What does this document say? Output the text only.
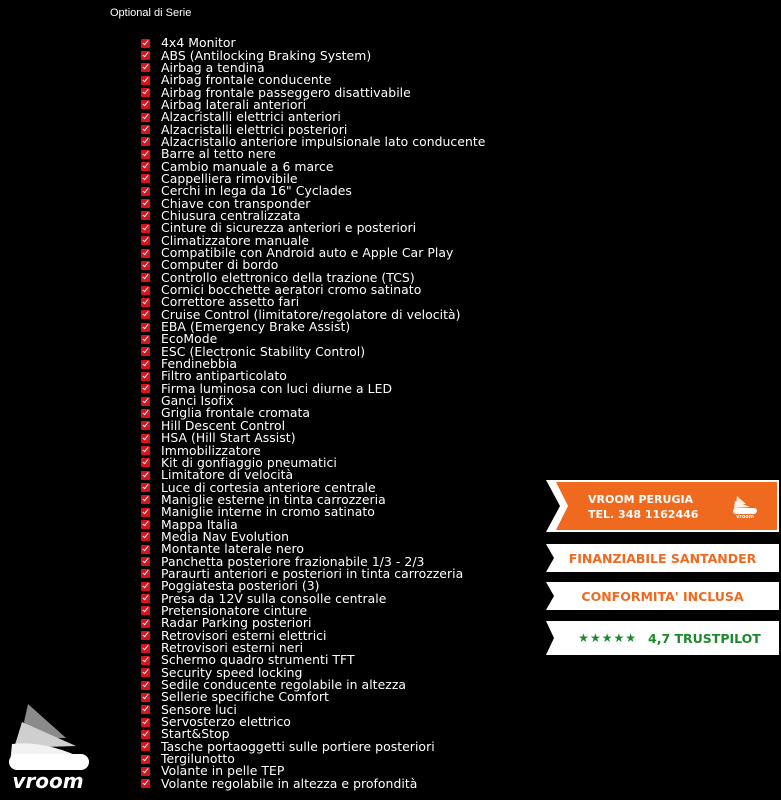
Optional di Serie
4x4 Monitor
ABS (Antilocking Braking System)
Airbag a tendina
Airbag frontale conducente
Airbag frontale passeggero disattivabile
Airbag laterali anteriori
Alzacristalli elettrici anteriori
Alzacristalli elettrici posteriori
Alzacristallo anteriore impulsionale lato conducente
Barre al tetto nere
Cambio manuale a 6 marce
Cappelliera rimovibile
Cerchi in lega da 16" Cyclades
Chiave con transponder
Chiusura centralizzata
Cinture di sicurezza anteriori e posteriori
Climatizzatore manuale
Compatibile con Android auto e Apple Car Play
Computer di bordo
Controllo elettronico della trazione (TCS)
Cornici bocchette aeratori cromo satinato
Correttore assetto fari
Cruise Control (limitatore/regolatore di velocità)
EBA (Emergency Brake Assist)
EcoMode
ESC (Electronic Stability Control)
Fendinebbia
Filtro antiparticolato
Firma luminosa con luci diurne a LED
Ganci Isofix
Griglia frontale cromata
Hill Descent Control
HSA (Hill Start Assist)
Immobilizzatore
Kit di gonfiaggio pneumatici
Limitatore di velocità
Luce di cortesia anteriore centrale
Maniglie esterne in tinta carrozzeria
Maniglie interne in cromo satinato
Mappa Italia
Media Nav Evolution
Montante laterale nero
Panchetta posteriore frazionabile 1/3 - 2/3
Paraurti anteriori e posteriori in tinta carrozzeria
Poggiatesta posteriori (3)
Presa da 12V sulla consolle centrale
Pretensionatore cinture
Radar Parking posteriori
Retrovisori esterni elettrici
Retrovisori esterni neri
Schermo quadro strumenti TFT
Security speed locking
Sedile conducente regolabile in altezza
Sellerie specifiche Comfort
Sensore luci
Servosterzo elettrico
Start&Stop
Tasche portaoggetti sulle portiere posteriori
Tergilunotto
Volante in pelle TEP
Volante regolabile in altezza e profondità
VROOM PERUGIA
TEL. 348 1162446	vroom
FINANZIABILE SANTANDER
CONFORMITA' INCLUSA
★ ★ ★ ★ ★ 4,7 TRUSTPILOT
vroom
